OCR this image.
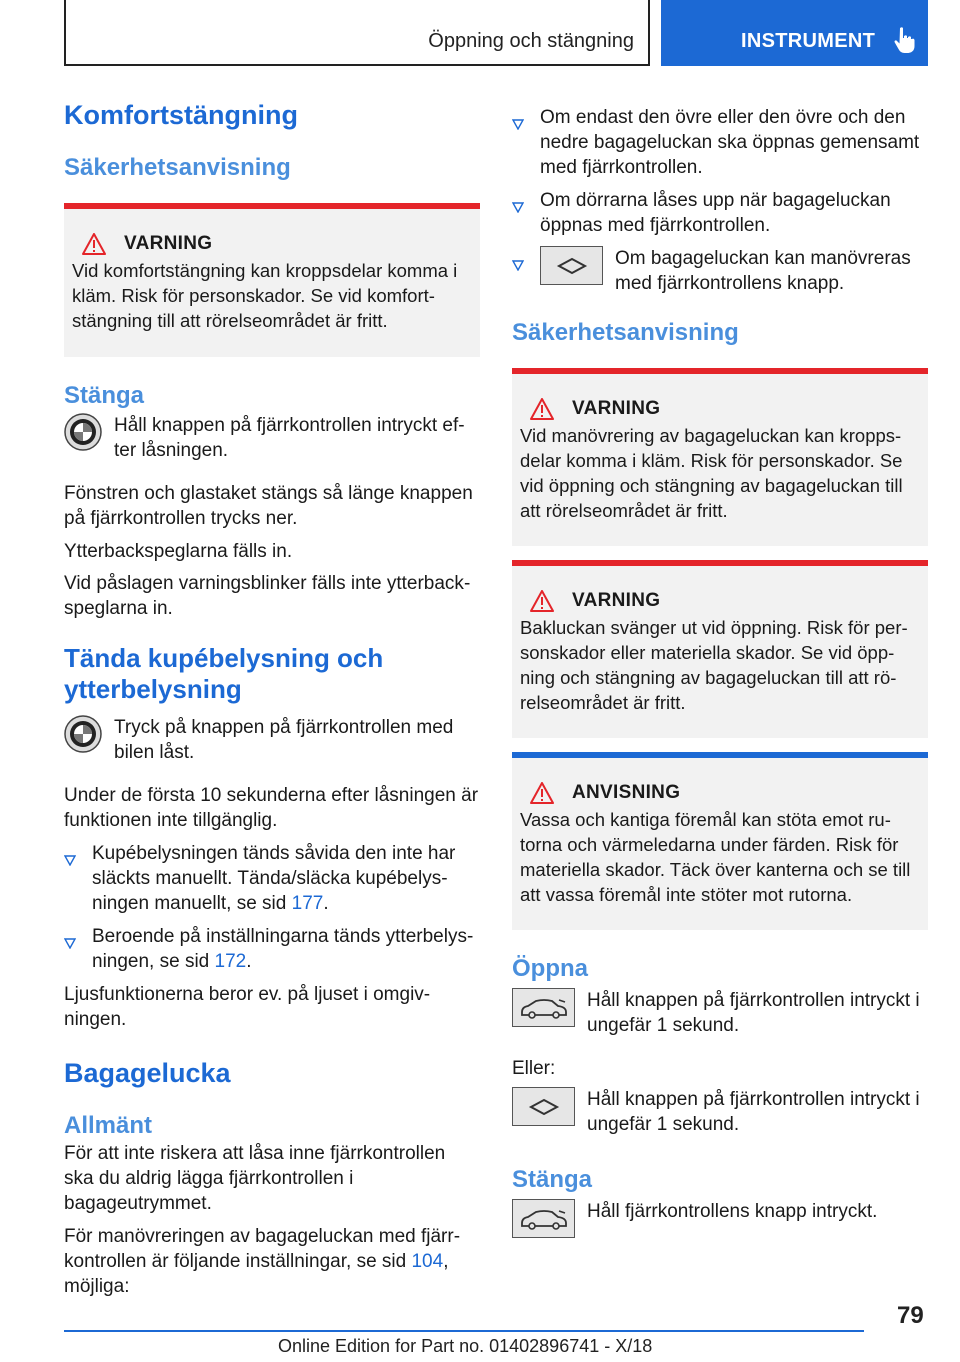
Öppning och stängning	INSTRUMENT
Komfortstängning
Säkerhetsanvisning
VARNING

Vid komfortstängning kan kroppsdelar komma i kläm. Risk för personskador. Se vid komfortstängning till att rörelseområdet är fritt.

Stänga
Håll knappen på fjärrkontrollen intryckt efter låsningen.

Fönstren och glastaket stängs så länge knappen på fjärrkontrollen trycks ner.

Ytterbackspeglarna fälls in.

Vid påslagen varningsblinker fälls inte ytterbackspeglarna in.

Tända kupébelysning och ytterbelysning
Tryck på knappen på fjärrkontrollen med bilen låst.

Under de första 10 sekunderna efter låsningen är funktionen inte tillgänglig.

Kupébelysningen tänds såvida den inte har släckts manuellt. Tända/släcka kupébelysningen manuellt, se sid 177.
Beroende på inställningarna tänds ytterbelysningen, se sid 172.

Ljusfunktionerna beror ev. på ljuset i omgivningen.

Bagagelucka
Allmänt

För att inte riskera att låsa inne fjärrkontrollen ska du aldrig lägga fjärrkontrollen i bagageutrymmet.

För manövreringen av bagageluckan med fjärrkontrollen är följande inställningar, se sid 104, möjliga:

Om endast den övre eller den övre och den nedre bagageluckan ska öppnas gemensamt med fjärrkontrollen.
Om dörrarna låses upp när bagageluckan öppnas med fjärrkontrollen.
Om bagageluckan kan manövreras med fjärrkontrollens knapp.
Säkerhetsanvisning
VARNING

Vid manövrering av bagageluckan kan kroppsdelar komma i kläm. Risk för personskador. Se vid öppning och stängning av bagageluckan till att rörelseområdet är fritt.

VARNING

Bakluckan svänger ut vid öppning. Risk för personskador eller materiella skador. Se vid öppning och stängning av bagageluckan till att rörelseområdet är fritt.

ANVISNING

Vassa och kantiga föremål kan stöta emot rutorna och värmeledarna under färden. Risk för materiella skador. Täck över kanterna och se till att vassa föremål inte stöter mot rutorna.

Öppna
Håll knappen på fjärrkontrollen intryckt i ungefär 1 sekund.

Eller:

Håll knappen på fjärrkontrollen intryckt i ungefär 1 sekund.
Stänga
Håll fjärrkontrollens knapp intryckt.
79
Online Edition for Part no. 01402896741 - X/18
